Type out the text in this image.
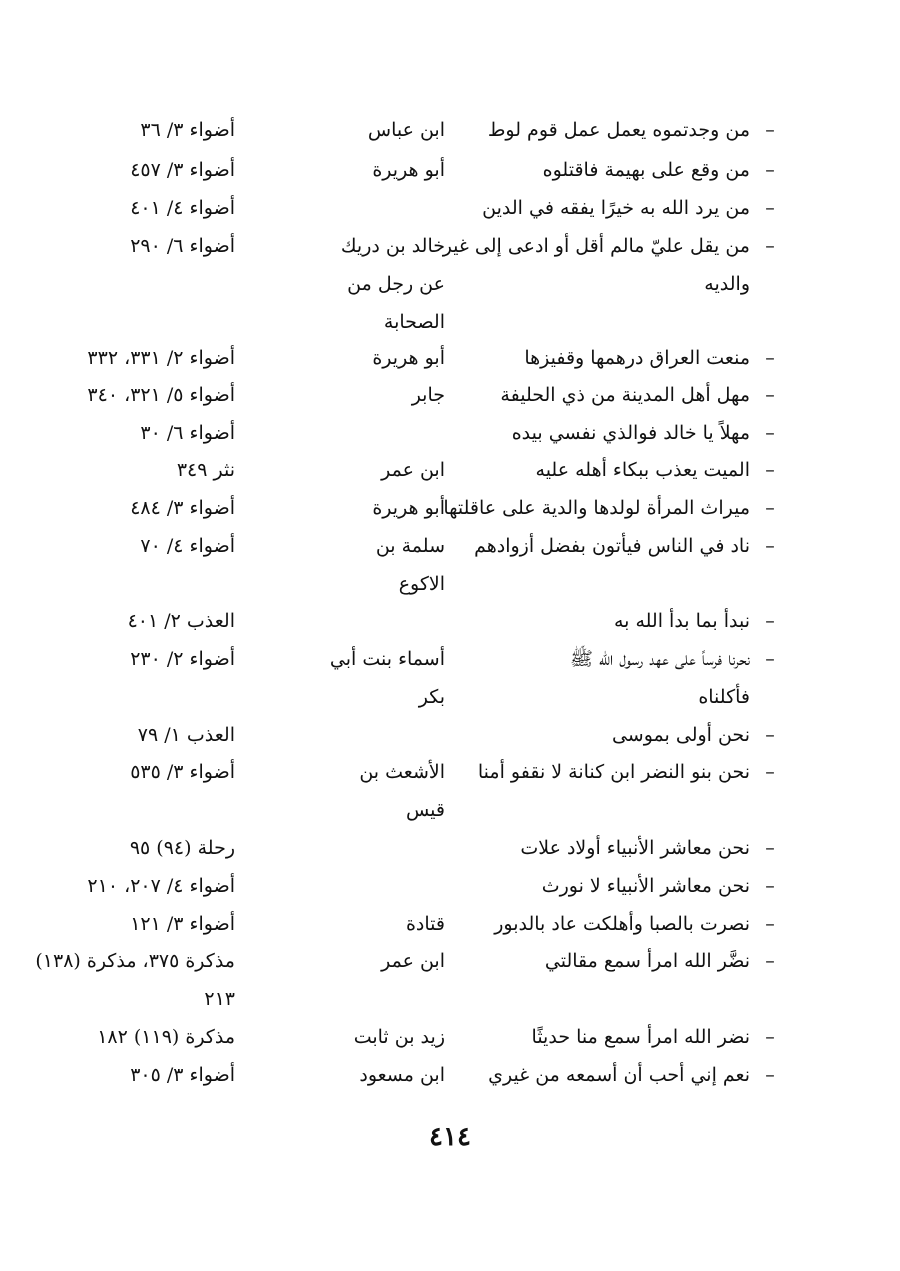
–
من وجدتموه يعمل عمل قوم لوط
ابن عباس
أضواء ٣/ ٣٦
–
من وقع على بهيمة فاقتلوه
أبو هريرة
أضواء ٣/ ٤٥٧
–
من يرد الله به خيرًا يفقه في الدين
أضواء ٤/ ٤٠١
–
من يقل عليّ مالم أقل أو ادعى إلى غير
خالد بن دريك
أضواء ٦/ ٢٩٠
والديه
عن رجل من
الصحابة
–
منعت العراق درهمها وقفيزها
أبو هريرة
أضواء ٢/ ٣٣١، ٣٣٢
–
مهل أهل المدينة من ذي الحليفة
جابر
أضواء ٥/ ٣٢١، ٣٤٠
–
مهلاً يا خالد فوالذي نفسي بيده
أضواء ٦/ ٣٠
–
الميت يعذب ببكاء أهله عليه
ابن عمر
نثر ٣٤٩
–
ميراث المرأة لولدها والدية على عاقلتها
أبو هريرة
أضواء ٣/ ٤٨٤
–
ناد في الناس فيأتون بفضل أزوادهم
سلمة بن
أضواء ٤/ ٧٠
الاكوع
–
نبدأ بما بدأ الله به
العذب ٢/ ٤٠١
–
نحرنا فرساً على عهد رسول الله ﷺ
أسماء بنت أبي
أضواء ٢/ ٢٣٠
فأكلناه
بكر
–
نحن أولى بموسى
العذب ١/ ٧٩
–
نحن بنو النضر ابن كنانة لا نقفو أمنا
الأشعث بن
أضواء ٣/ ٥٣٥
قيس
–
نحن معاشر الأنبياء أولاد علات
رحلة (٩٤) ٩٥
–
نحن معاشر الأنبياء لا نورث
أضواء ٤/ ٢٠٧، ٢١٠
–
نصرت بالصبا وأهلكت عاد بالدبور
قتادة
أضواء ٣/ ١٢١
–
نضَّر الله امرأ سمع مقالتي
ابن عمر
مذكرة ٣٧٥، مذكرة (١٣٨)
٢١٣
–
نضر الله امرأ سمع منا حديثًا
زيد بن ثابت
مذكرة (١١٩) ١٨٢
–
نعم إني أحب أن أسمعه من غيري
ابن مسعود
أضواء ٣/ ٣٠٥
٤١٤
